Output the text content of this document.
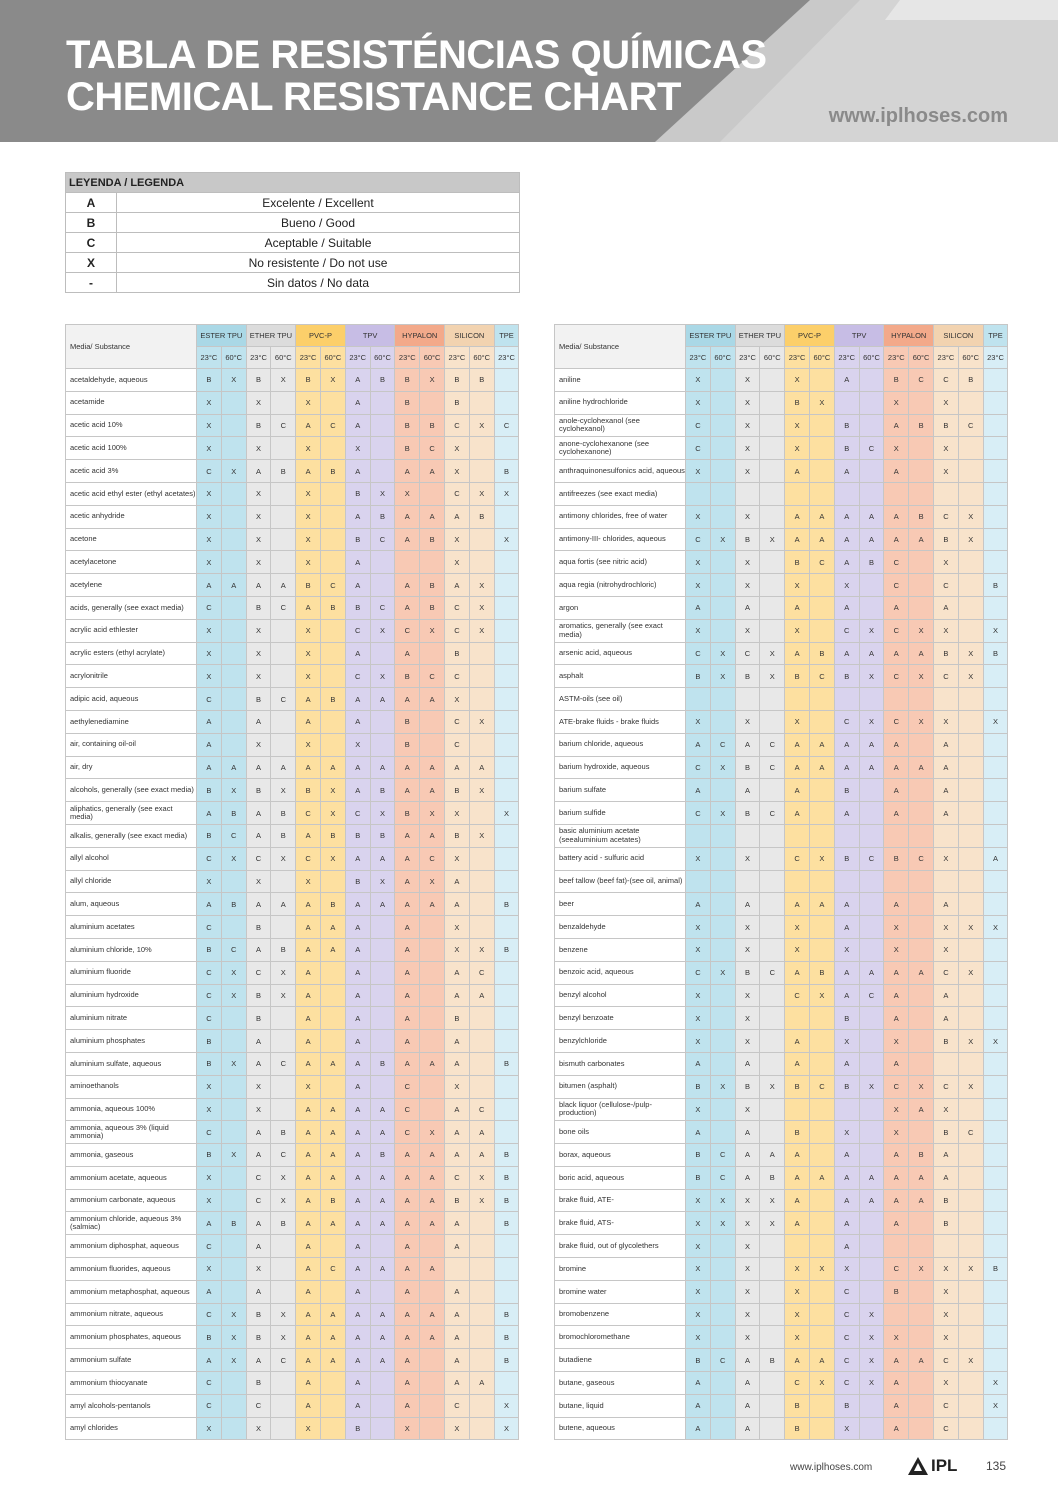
TABLA DE RESISTÉNCIAS QUÍMICAS
CHEMICAL RESISTANCE CHART	www.iplhoses.com
LEYENDA / LEGENDA	
A	Excelente / Excellent
B	Bueno / Good
C	Aceptable / Suitable
X	No resistente / Do not use
-	Sin datos / No data
Media/ Substance	ESTER TPU		ETHER TPU		PVC-P		TPV		HYPALON		SILICON		TPE
	23°C	60°C	23°C	60°C	23°C	60°C	23°C	60°C	23°C	60°C	23°C	60°C	23°C
acetaldehyde, aqueous	B	X	B	X	B	X	A	B	B	X	B	B	
acetamide	X		X		X		A		B		B		
acetic acid 10%	X		B	C	A	C	A		B	B	C	X	C
acetic acid 100%	X		X		X		X		B	C	X		
acetic acid 3%	C	X	A	B	A	B	A		A	A	X		B
acetic acid ethyl ester (ethyl acetates)	X		X		X		B	X	X		C	X	X
acetic anhydride	X		X		X		A	B	A	A	A	B	
acetone	X		X		X		B	C	A	B	X		X
acetylacetone	X		X		X		A				X		
acetylene	A	A	A	A	B	C	A		A	B	A	X	
acids, generally (see exact media)	C		B	C	A	B	B	C	A	B	C	X	
acrylic acid ethlester	X		X		X		C	X	C	X	C	X	
acrylic esters (ethyl acrylate)	X		X		X		A		A		B		
acrylonitrile	X		X		X		C	X	B	C	C		
adipic acid, aqueous	C		B	C	A	B	A	A	A	A	X		
aethylenediamine	A		A		A		A		B		C	X	
air, containing oil-oil	A		X		X		X		B		C		
air, dry	A	A	A	A	A	A	A	A	A	A	A	A	
alcohols, generally (see exact media)	B	X	B	X	B	X	A	B	A	A	B	X	
aliphatics, generally (see exact media)	A	B	A	B	C	X	C	X	B	X	X		X
alkalis, generally (see exact media)	B	C	A	B	A	B	B	B	A	A	B	X	
allyl alcohol	C	X	C	X	C	X	A	A	A	C	X		
allyl chloride	X		X		X		B	X	A	X	A		
alum, aqueous	A	B	A	A	A	B	A	A	A	A	A		B
aluminium acetates	C		B		A	A	A		A		X		
aluminium chloride, 10%	B	C	A	B	A	A	A		A		X	X	B
aluminium fluoride	C	X	C	X	A		A		A		A	C	
aluminium hydroxide	C	X	B	X	A		A		A		A	A	
aluminium nitrate	C		B		A		A		A		B		
aluminium phosphates	B		A		A		A		A		A		
aluminium sulfate, aqueous	B	X	A	C	A	A	A	B	A	A	A		B
aminoethanols	X		X		X		A		C		X		
ammonia, aqueous 100%	X		X		A	A	A	A	C		A	C	
ammonia, aqueous 3% (liquid ammonia)	C		A	B	A	A	A	A	C	X	A	A	
ammonia, gaseous	B	X	A	C	A	A	A	B	A	A	A	A	B
ammonium acetate, aqueous	X		C	X	A	A	A	A	A	A	C	X	B
ammonium carbonate, aqueous	X		C	X	A	B	A	A	A	A	B	X	B
ammonium chloride, aqueous 3% (salmiac)	A	B	A	B	A	A	A	A	A	A	A		B
ammonium diphosphat, aqueous	C		A		A		A		A		A		
ammonium fluorides, aqueous	X		X		A	C	A	A	A	A			
ammonium metaphosphat, aqueous	A		A		A		A		A		A		
ammonium nitrate, aqueous	C	X	B	X	A	A	A	A	A	A	A		B
ammonium phosphates, aqueous	B	X	B	X	A	A	A	A	A	A	A		B
ammonium sulfate	A	X	A	C	A	A	A	A	A		A		B
ammonium thiocyanate	C		B		A		A		A		A	A	
amyl alcohols-pentanols	C		C		A		A		A		C		X
amyl chlorides	X		X		X		B		X		X		X
Media/ Substance	ESTER TPU		ETHER TPU		PVC-P		TPV		HYPALON		SILICON		TPE
	23°C	60°C	23°C	60°C	23°C	60°C	23°C	60°C	23°C	60°C	23°C	60°C	23°C
aniline	X		X		X		A		B	C	C	B	
aniline hydrochloride	X		X		B	X			X		X		
anole-cyclohexanol (see cyclohexanol)	C		X		X		B		A	B	B	C	
anone-cyclohexanone (see cyclohexanone)	C		X		X		B	C	X		X		
anthraquinonesulfonics acid, aqueous	X		X		A		A		A		X		
antifreezes (see exact media)													
antimony chlorides, free of water	X		X		A	A	A	A	A	B	C	X	
antimony-III- chlorides, aqueous	C	X	B	X	A	A	A	A	A	A	B	X	
aqua fortis (see nitric acid)	X		X		B	C	A	B	C		X		
aqua regia (nitrohydrochloric)	X		X		X		X		C		C		B
argon	A		A		A		A		A		A		
aromatics, generally (see exact media)	X		X		X		C	X	C	X	X		X
arsenic acid, aqueous	C	X	C	X	A	B	A	A	A	A	B	X	B
asphalt	B	X	B	X	B	C	B	X	C	X	C	X	
ASTM-oils (see oil)													
ATE-brake fluids - brake fluids	X		X		X		C	X	C	X	X		X
barium chloride, aqueous	A	C	A	C	A	A	A	A	A		A		
barium hydroxide, aqueous	C	X	B	C	A	A	A	A	A	A	A		
barium sulfate	A		A		A		B		A		A		
barium sulfide	C	X	B	C	A		A		A		A		
basic aluminium acetate (seealuminium acetates)													
battery acid - sulfuric acid	X		X		C	X	B	C	B	C	X		A
beef tallow (beef fat)-(see oil, animal)													
beer	A		A		A	A	A		A		A		
benzaldehyde	X		X		X		A		X		X	X	X
benzene	X		X		X		X		X		X		
benzoic acid, aqueous	C	X	B	C	A	B	A	A	A	A	C	X	
benzyl alcohol	X		X		C	X	A	C	A		A		
benzyl benzoate	X		X				B		A		A		
benzylchloride	X		X		A		X		X		B	X	X
bismuth carbonates	A		A		A		A		A				
bitumen (asphalt)	B	X	B	X	B	C	B	X	C	X	C	X	
black liquor (cellulose-/pulp-production)	X		X						X	A	X		
bone oils	A		A		B		X		X		B	C	
borax, aqueous	B	C	A	A	A		A		A	B	A		
boric acid, aqueous	B	C	A	B	A	A	A	A	A	A	A		
brake fluid, ATE-	X	X	X	X	A		A	A	A	A	B		
brake fluid, ATS-	X	X	X	X	A		A		A		B		
brake fluid, out of glycolethers	X		X				A						
bromine	X		X		X	X	X		C	X	X	X	B
bromine water	X		X		X		C		B		X		
bromobenzene	X		X		X		C	X			X		
bromochloromethane	X		X		X		C	X	X		X		
butadiene	B	C	A	B	A	A	C	X	A	A	C	X	
butane, gaseous	A		A		C	X	C	X	A		X		X
butane, liquid	A		A		B		B		A		C		X
butene, aqueous	A		A		B		X		A		C		
www.iplhoses.com	IPL 135
